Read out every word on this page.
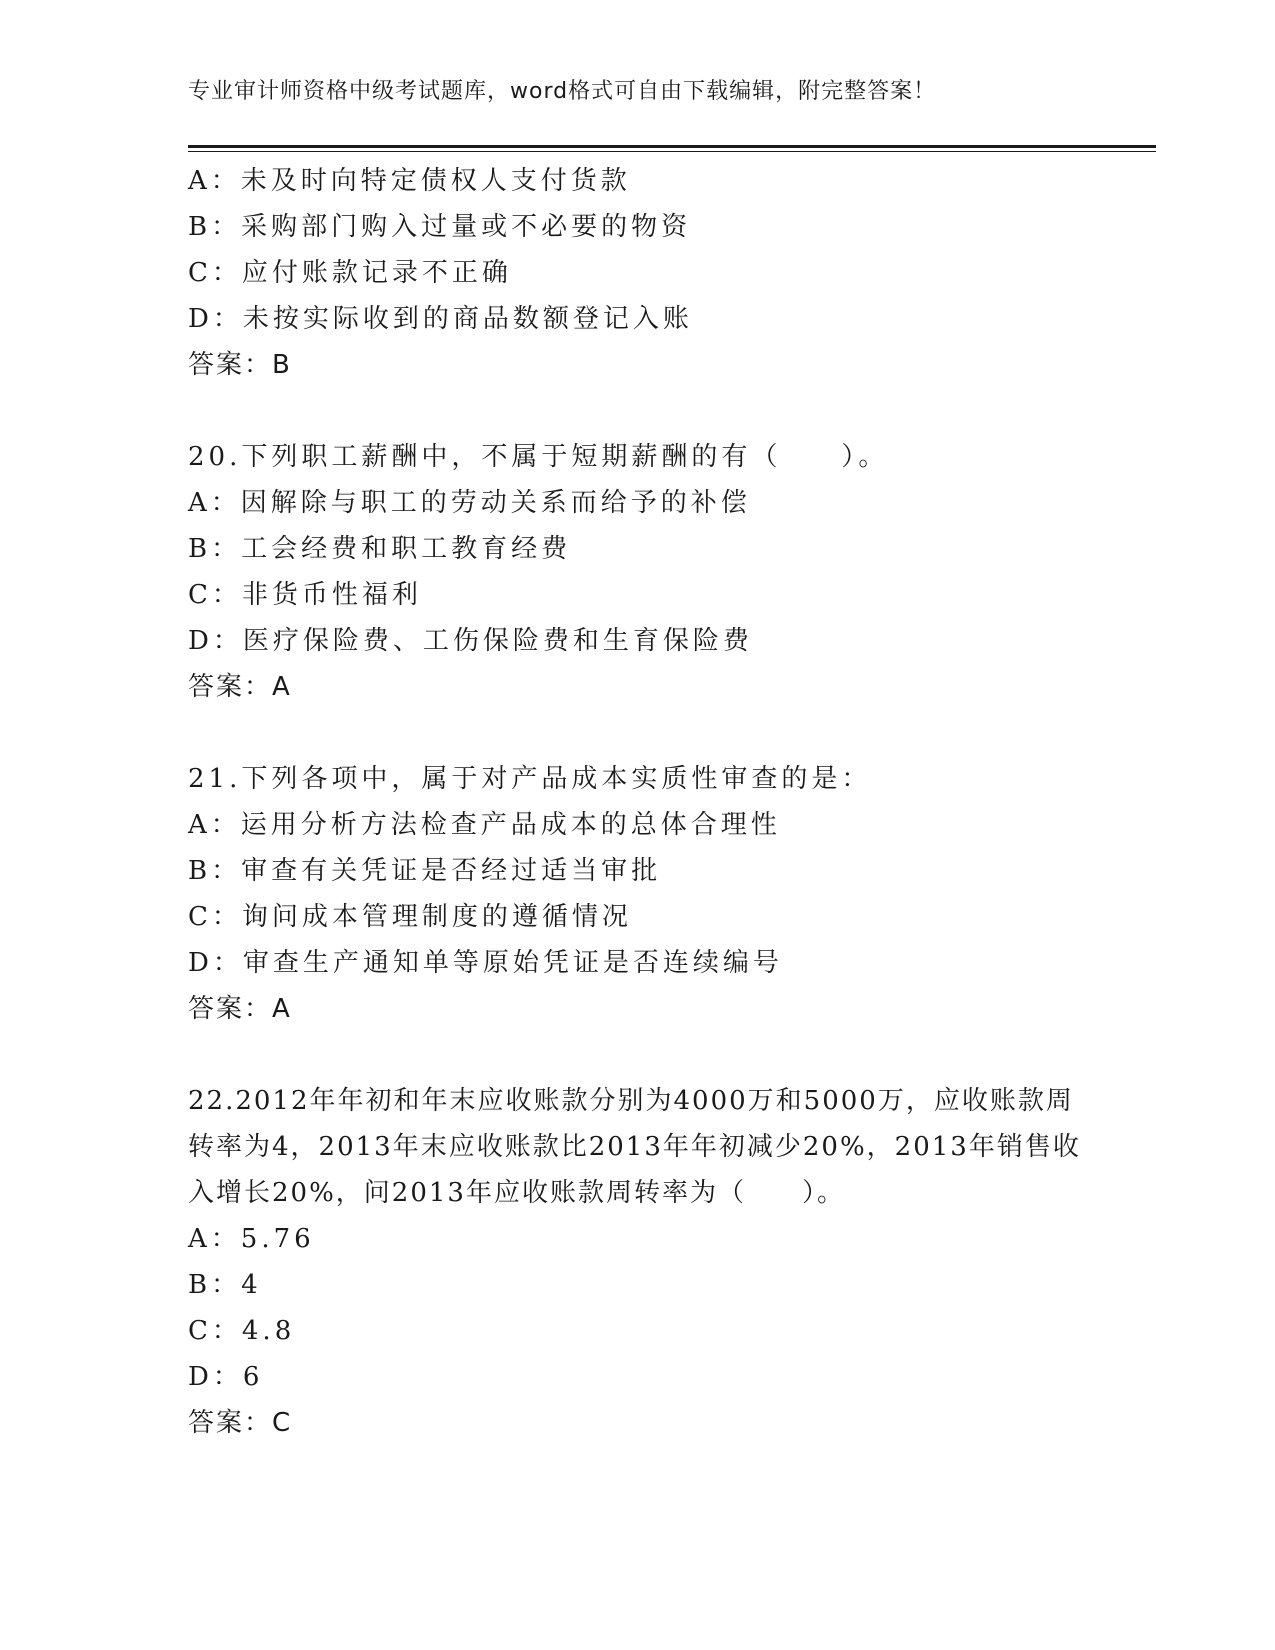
专业审计师资格中级考试题库，word格式可自由下载编辑，附完整答案！
A：未及时向特定债权人支付货款
B：采购部门购入过量或不必要的物资
C：应付账款记录不正确
D：未按实际收到的商品数额登记入账
答案：B
20.下列职工薪酬中，不属于短期薪酬的有（　　）。
A：因解除与职工的劳动关系而给予的补偿
B：工会经费和职工教育经费
C：非货币性福利
D：医疗保险费、工伤保险费和生育保险费
答案：A
21.下列各项中，属于对产品成本实质性审查的是：
A：运用分析方法检查产品成本的总体合理性
B：审查有关凭证是否经过适当审批
C：询问成本管理制度的遵循情况
D：审查生产通知单等原始凭证是否连续编号
答案：A
22.2012年年初和年末应收账款分别为4000万和5000万，应收账款周
转率为4，2013年末应收账款比2013年年初减少20%，2013年销售收
入增长20%，问2013年应收账款周转率为（　　）。
A：5.76
B：4
C：4.8
D：6
答案：C
